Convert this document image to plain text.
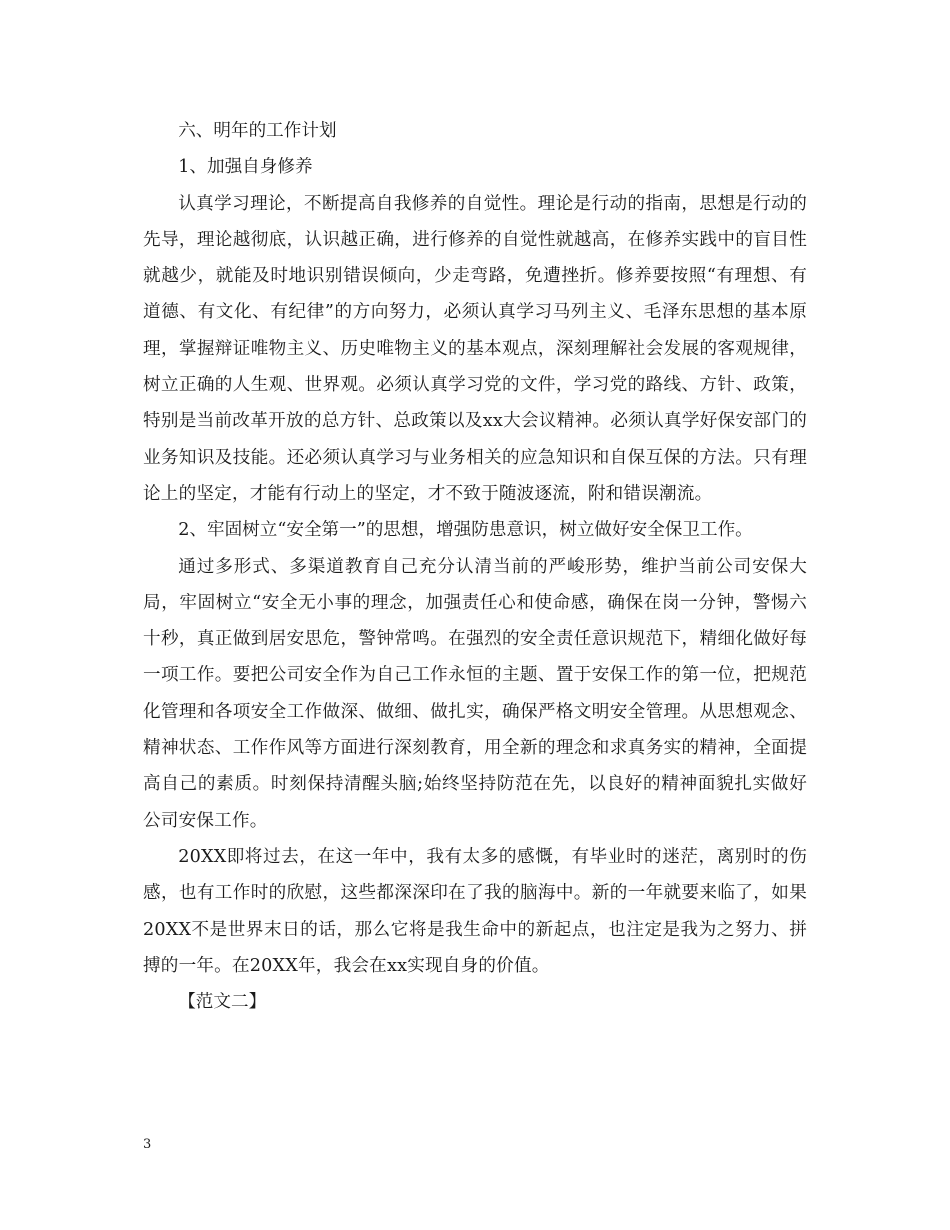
六、明年的工作计划

1、加强自身修养

认真学习理论，不断提高自我修养的自觉性。理论是行动的指南，思想是行动的先导，理论越彻底，认识越正确，进行修养的自觉性就越高，在修养实践中的盲目性就越少，就能及时地识别错误倾向，少走弯路，免遭挫折。修养要按照“有理想、有道德、有文化、有纪律”的方向努力，必须认真学习马列主义、毛泽东思想的基本原理，掌握辩证唯物主义、历史唯物主义的基本观点，深刻理解社会发展的客观规律，树立正确的人生观、世界观。必须认真学习党的文件，学习党的路线、方针、政策，特别是当前改革开放的总方针、总政策以及xx大会议精神。必须认真学好保安部门的业务知识及技能。还必须认真学习与业务相关的应急知识和自保互保的方法。只有理论上的坚定，才能有行动上的坚定，才不致于随波逐流，附和错误潮流。

2、牢固树立“安全第一”的思想，增强防患意识，树立做好安全保卫工作。

通过多形式、多渠道教育自己充分认清当前的严峻形势，维护当前公司安保大局，牢固树立“安全无小事的理念，加强责任心和使命感，确保在岗一分钟，警惕六十秒，真正做到居安思危，警钟常鸣。在强烈的安全责任意识规范下，精细化做好每一项工作。要把公司安全作为自己工作永恒的主题、置于安保工作的第一位，把规范化管理和各项安全工作做深、做细、做扎实，确保严格文明安全管理。从思想观念、精神状态、工作作风等方面进行深刻教育，用全新的理念和求真务实的精神，全面提高自己的素质。时刻保持清醒头脑;始终坚持防范在先，以良好的精神面貌扎实做好公司安保工作。

20XX即将过去，在这一年中，我有太多的感慨，有毕业时的迷茫，离别时的伤感，也有工作时的欣慰，这些都深深印在了我的脑海中。新的一年就要来临了，如果20XX不是世界末日的话，那么它将是我生命中的新起点，也注定是我为之努力、拼搏的一年。在20XX年，我会在xx实现自身的价值。

【范文二】

3
